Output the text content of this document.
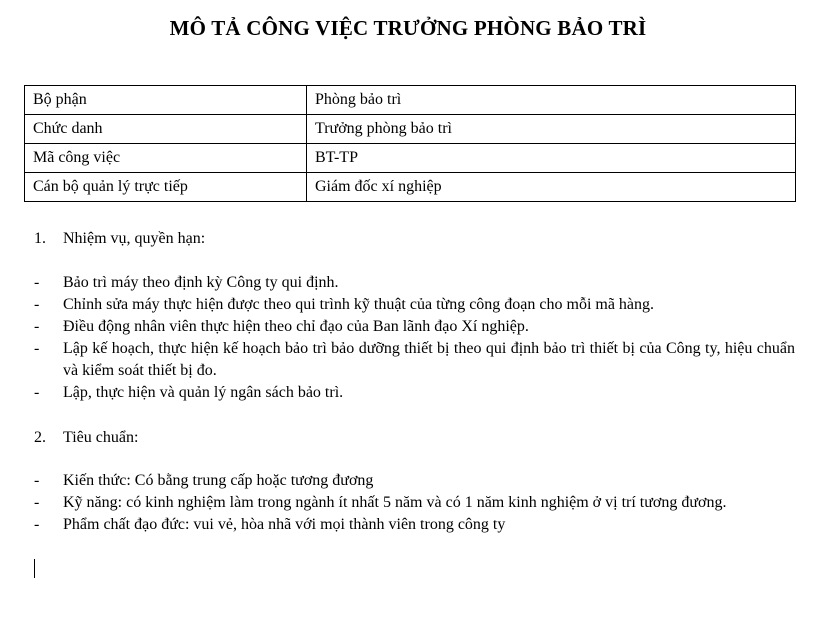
MÔ TẢ CÔNG VIỆC TRƯỞNG PHÒNG BẢO TRÌ
Bộ phận	Phòng bảo trì
Chức danh	Trưởng phòng bảo trì
Mã công việc	BT-TP
Cán bộ quản lý trực tiếp	Giám đốc xí nghiệp
1. Nhiệm vụ, quyền hạn:
- Bảo trì máy theo định kỳ Công ty qui định.
- Chỉnh sửa máy thực hiện được theo qui trình kỹ thuật của từng công đoạn cho mỗi mã hàng.
- Điều động nhân viên thực hiện theo chỉ đạo của Ban lãnh đạo Xí nghiệp.
- Lập kế hoạch, thực hiện kế hoạch bảo trì bảo dưỡng thiết bị theo qui định bảo trì thiết bị của Công ty, hiệu chuẩn và kiểm soát thiết bị đo.
- Lập, thực hiện và quản lý ngân sách bảo trì.
2. Tiêu chuẩn:
- Kiến thức: Có bằng trung cấp hoặc tương đương
- Kỹ năng: có kinh nghiệm làm trong ngành ít nhất 5 năm và có 1 năm kinh nghiệm ở vị trí tương đương.
- Phẩm chất đạo đức: vui vẻ, hòa nhã với mọi thành viên trong công ty
